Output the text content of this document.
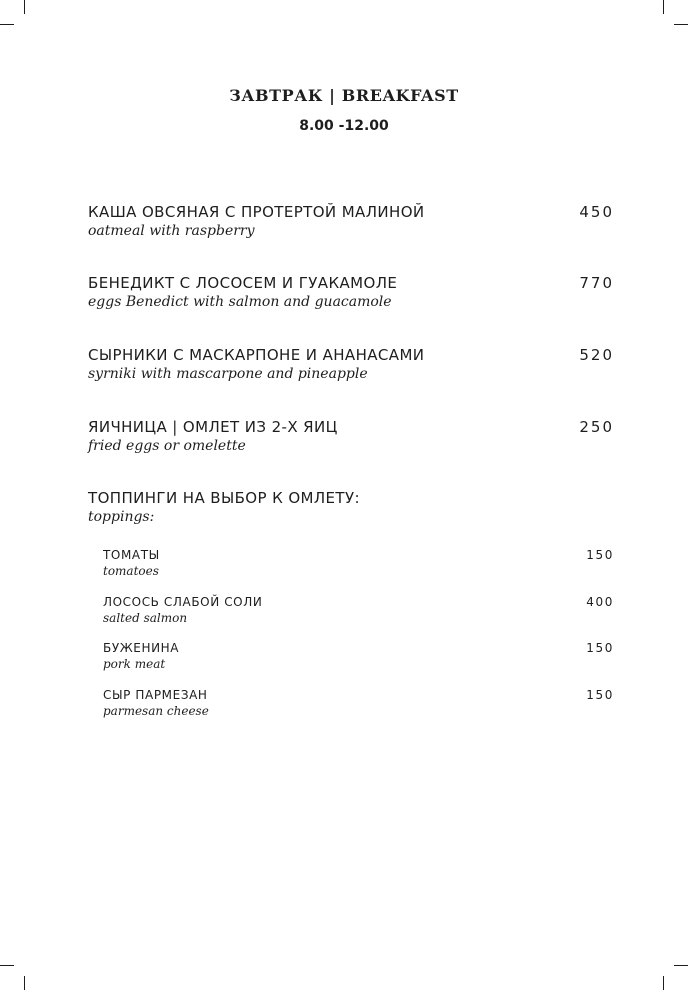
ЗАВТРАК | BREAKFAST
8.00 -12.00
КАША ОВСЯНАЯ С ПРОТЕРТОЙ МАЛИНОЙ
oatmeal with raspberry
450
БЕНЕДИКТ С ЛОСОСЕМ И ГУАКАМОЛЕ
eggs Benedict with salmon and guacamole
770
СЫРНИКИ С МАСКАРПОНЕ И АНАНАСАМИ
syrniki with mascarpone and pineapple
520
ЯИЧНИЦА | ОМЛЕТ ИЗ 2-Х ЯИЦ
fried eggs or omelette
250
ТОППИНГИ НА ВЫБОР К ОМЛЕТУ:
toppings:
ТОМАТЫ
tomatoes
150
ЛОСОСЬ СЛАБОЙ СОЛИ
salted salmon
400
БУЖЕНИНА
pork meat
150
СЫР ПАРМЕЗАН
parmesan cheese
150
